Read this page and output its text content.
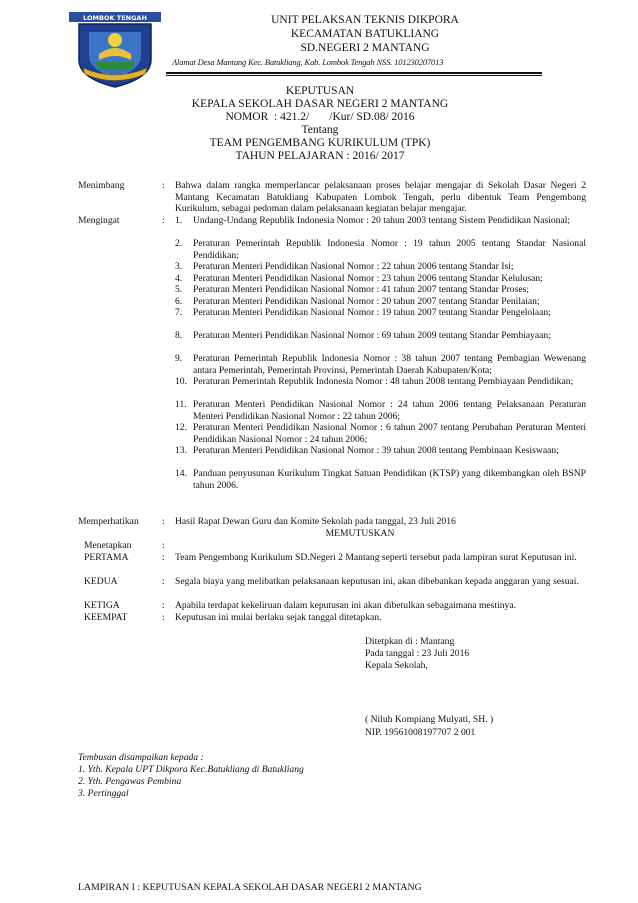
LOMBOK TENGAH
· · ·
UNIT PELAKSAN TEKNIS DIKPORA
KECAMATAN BATUKLIANG
SD.NEGERI 2 MANTANG
Alamat Desa Mantang Kec. Batukliang, Kab. Lombok Tengah NSS. 101230207013
KEPUTUSAN
KEPALA SEKOLAH DASAR NEGERI 2 MANTANG
NOMOR  : 421.2/       /Kur/ SD.08/ 2016
Tentang
TEAM PENGEMBANG KURIKULUM (TPK)
TAHUN PELAJARAN : 2016/ 2017
Menimbang	: Bahwa dalam rangka memperlancar pelaksanaan proses belajar mengajar di Sekolah Dasar Negeri 2 Mantang Kecamatan Batukliang Kabupaten Lombok Tengah, perlu dibentuk Team Pengembang Kurikulum, sebagai pedoman dalam pelaksanaan kegiatan belajar mengajar.
Mengingat	: 1.	Undang-Undang Republik Indonesia Nomor : 20 tahun 2003 tentang Sistem Pendidikan Nasional;
2.	Peraturan Pemerintah Republik Indonesia Nomor : 19 tahun 2005 tentang Standar Nasional Pendidikan;
3.	Peraturan Menteri Pendidikan Nasional Nomor : 22 tahun 2006 tentang Standar Isi;
4.	Peraturan Menteri Pendidikan Nasional Nomor : 23 tahun 2006 tentang Standar Kelulusan;
5.	Peraturan Menteri Pendidikan Nasional Nomor : 41 tahun 2007 tentang Standar Proses;
6.	Peraturan Menteri Pendidikan Nasional Nomor : 20 tahun 2007 tentang Standar Penilaian;
7.	Peraturan Menteri Pendidikan Nasional Nomor : 19 tahun 2007 tentang Standar Pengelolaan;
8.	Peraturan Menteri Pendidikan Nasional Nomor : 69 tahun 2009 tentang Standar Pembiayaan;
9.	Peraturan Pemerintah Republik Indonesia Nomor : 38 tahun 2007 tentang Pembagian Wewenang antara Pemerintah, Pemerintah Provinsi, Pemerintah Daerah Kabupaten/Kota;
10. Peraturan Pemerintah Republik Indonesia Nomor : 48 tahun 2008 tentang Pembiayaan Pendidikan;
11. Peraturan Menteri Pendidikan Nasional Nomor : 24 tahun 2006 tentang Pelaksanaan Peraturan Menteri Pendidikan Nasional Nomor : 22 tahun 2006;
12. Peraturan Menteri Pendidikan Nasional Nomor : 6 tahun 2007 tentang Perubahan Peraturan Menteri Pendidikan Nasional Nomor : 24 tahun 2006;
13. Peraturan Menteri Pendidikan Nasional Nomor : 39 tahun 2008 tentang Pembinaan Kesiswaan;
14. Panduan penyusunan Kurikulum Tingkat Satuan Pendidikan (KTSP) yang dikembangkan oleh BSNP tahun 2006.
Memperhatikan : Hasil Rapat Dewan Guru dan Komite Sekolah pada tanggal, 23 Juli 2016
MEMUTUSKAN
Menetapkan	:
PERTAMA	: Team Pengembang Kurikulum SD.Negeri 2 Mantang seperti tersebut pada lampiran surat Keputusan ini.
KEDUA	: Segala biaya yang melibatkan pelaksanaan keputusan ini, akan dibebankan kepada anggaran yang sesuai.
KETIGA	: Apabila terdapat kekeliruan dalam keputusan ini akan dibetulkan sebagaimana mestinya.
KEEMPAT	: Keputusan ini mulai berlaku sejak tanggal ditetapkan.
Ditetpkan di : Mantang
Pada tanggal : 23 Juli 2016
Kepala Sekolah,
( Niluh Kompiang Mulyati, SH. )
NIP. 19561008197707 2 001
Tembusan disampaikan kepada :
1. Yth. Kepala UPT Dikpora Kec.Batukliang di Batukliang
2. Yth. Pengawas Pembina
3. Pertinggal
LAMPIRAN I : KEPUTUSAN KEPALA SEKOLAH DASAR NEGERI 2 MANTANG
